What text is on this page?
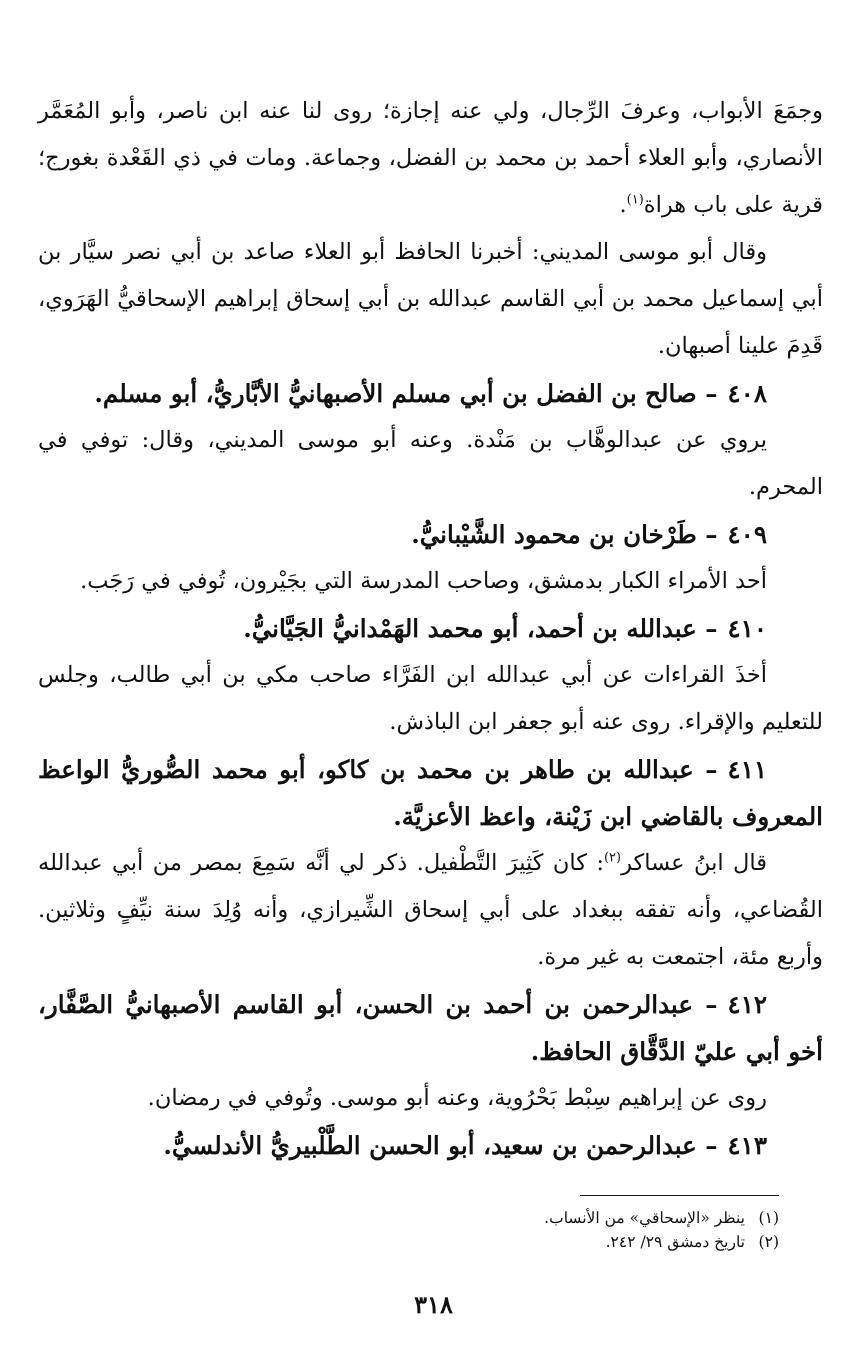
وجمَعَ الأبواب، وعرفَ الرِّجال، ولي عنه إجازة؛ روى لنا عنه ابن ناصر، وأبو المُعَمَّر الأنصاري، وأبو العلاء أحمد بن محمد بن الفضل، وجماعة. ومات في ذي القَعْدة بغورج؛ قرية على باب هراة$^{(١)}$.

وقال أبو موسى المديني: أخبرنا الحافظ أبو العلاء صاعد بن أبي نصر سيَّار بن أبي إسماعيل محمد بن أبي القاسم عبدالله بن أبي إسحاق إبراهيم الإسحاقيُّ الهَرَوي، قَدِمَ علينا أصبهان.

٤٠٨– صالح بن الفضل بن أبي مسلم الأصبهانيُّ الأبَّاريُّ، أبو مسلم.

يروي عن عبدالوهَّاب بن مَنْدة. وعنه أبو موسى المديني، وقال: توفي في المحرم.

٤٠٩– طَرْخان بن محمود الشَّيْبانيُّ.

أحد الأمراء الكبار بدمشق، وصاحب المدرسة التي بجَيْرون، تُوفي في رَجَب.

٤١٠– عبدالله بن أحمد، أبو محمد الهَمْدانيُّ الجَيَّانيُّ.

أخذَ القراءات عن أبي عبدالله ابن الفَرَّاء صاحب مكي بن أبي طالب، وجلس للتعليم والإقراء. روى عنه أبو جعفر ابن الباذش.

٤١١– عبدالله بن طاهر بن محمد بن كاكو، أبو محمد الصُّوريُّ الواعظ المعروف بالقاضي ابن زَيْنة، واعظ الأعزيَّة.

قال ابنُ عساكر$^{(٢)}$: كان كَثِيرَ التَّطْفيل. ذكر لي أنَّه سَمِعَ بمصر من أبي عبدالله القُضاعي، وأنه تفقه ببغداد على أبي إسحاق الشِّيرازي، وأنه وُلِدَ سنة نيِّفٍ وثلاثين. وأربع مئة، اجتمعت به غير مرة.

٤١٢– عبدالرحمن بن أحمد بن الحسن، أبو القاسم الأصبهانيُّ الصَّفَّار، أخو أبي عليّ الدَّقَّاق الحافظ.

روى عن إبراهيم سِبْط بَحْرُوية، وعنه أبو موسى. وتُوفي في رمضان.

٤١٣– عبدالرحمن بن سعيد، أبو الحسن الطَّلْبيريُّ الأندلسيُّ.

(١)ينظر «الإسحاقي» من الأنساب.

(٢)تاريخ دمشق ٢٩/ ٢٤٢.

٣١٨
